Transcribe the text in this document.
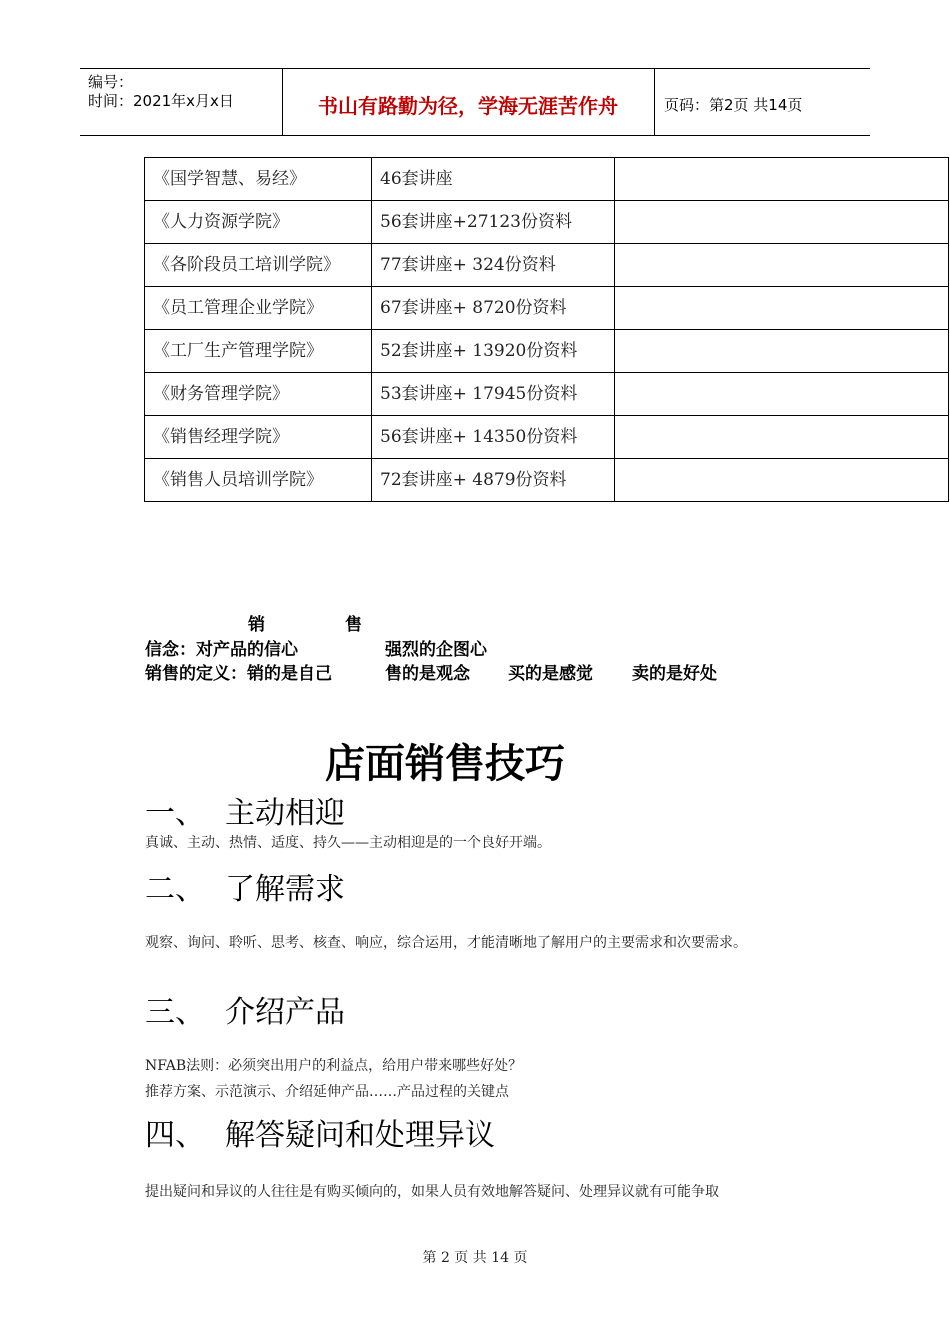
编号：
时间：2021年x月x日	书山有路勤为径，学海无涯苦作舟	页码：第2页 共14页
《国学智慧、易经》	46套讲座	
《人力资源学院》	56套讲座+27123份资料	
《各阶段员工培训学院》	77套讲座+ 324份资料	
《员工管理企业学院》	67套讲座+ 8720份资料	
《工厂生产管理学院》	52套讲座+ 13920份资料	
《财务管理学院》	53套讲座+ 17945份资料	
《销售经理学院》	56套讲座+ 14350份资料	
《销售人员培训学院》	72套讲座+ 4879份资料	
销	售
信念：对产品的信心	强烈的企图心
销售的定义：销的是自己	售的是观念 买的是感觉 卖的是好处
店面销售技巧
一、 主动相迎
真诚、主动、热情、适度、持久——主动相迎是的一个良好开端。
二、 了解需求
观察、询问、聆听、思考、核查、响应，综合运用，才能清晰地了解用户的主要需求和次要需求。
三、 介绍产品
NFAB法则：必须突出用户的利益点，给用户带来哪些好处？
推荐方案、示范演示、介绍延伸产品……产品过程的关键点
四、 解答疑问和处理异议
提出疑问和异议的人往往是有购买倾向的，如果人员有效地解答疑问、处理异议就有可能争取
第 2 页 共 14 页
